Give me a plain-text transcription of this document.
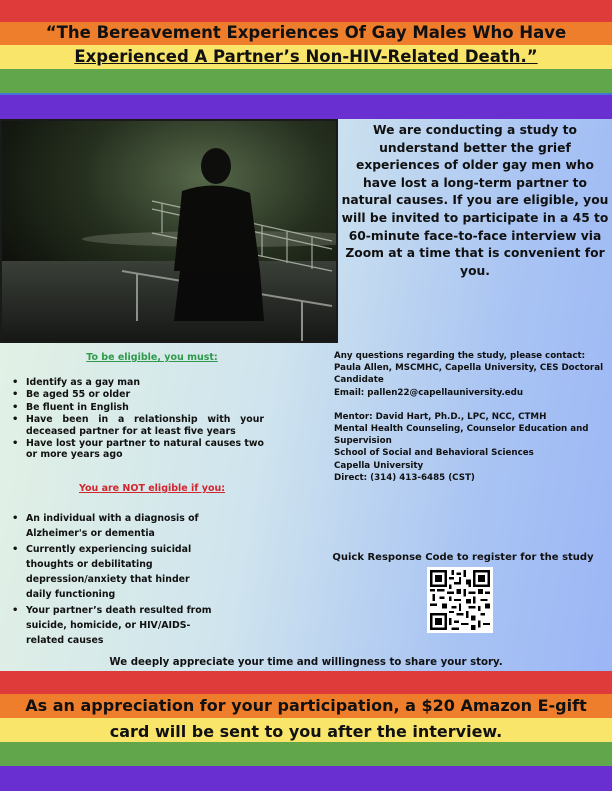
“The Bereavement Experiences Of Gay Males Who Have
Experienced A Partner’s Non-HIV-Related Death.”
We are conducting a study to understand better the grief experiences of older gay men who have lost a long-term partner to natural causes. If you are eligible, you will be invited to participate in a 45 to 60-minute face-to-face interview via Zoom at a time that is convenient for you.
To be eligible, you must:
• Identify as a gay man
• Be aged 55 or older
• Be fluent in English
• Have been in a relationship with your deceased partner for at least five years
• Have lost your partner to natural causes two or more years ago
You are NOT eligible if you:
• An individual with a diagnosis of Alzheimer's or dementia
• Currently experiencing suicidal thoughts or debilitating depression/anxiety that hinder daily functioning
• Your partner’s death resulted from suicide, homicide, or HIV/AIDS-related causes
Any questions regarding the study, please contact:
Paula Allen, MSCMHC, Capella University, CES Doctoral Candidate
Email: pallen22@capellauniversity.edu
Mentor: David Hart, Ph.D., LPC, NCC, CTMH
Mental Health Counseling, Counselor Education and Supervision
School of Social and Behavioral Sciences
Capella University
Direct: (314) 413-6485 (CST)
Quick Response Code to register for the study
We deeply appreciate your time and willingness to share your story.
As an appreciation for your participation, a $20 Amazon E-gift
card will be sent to you after the interview.
